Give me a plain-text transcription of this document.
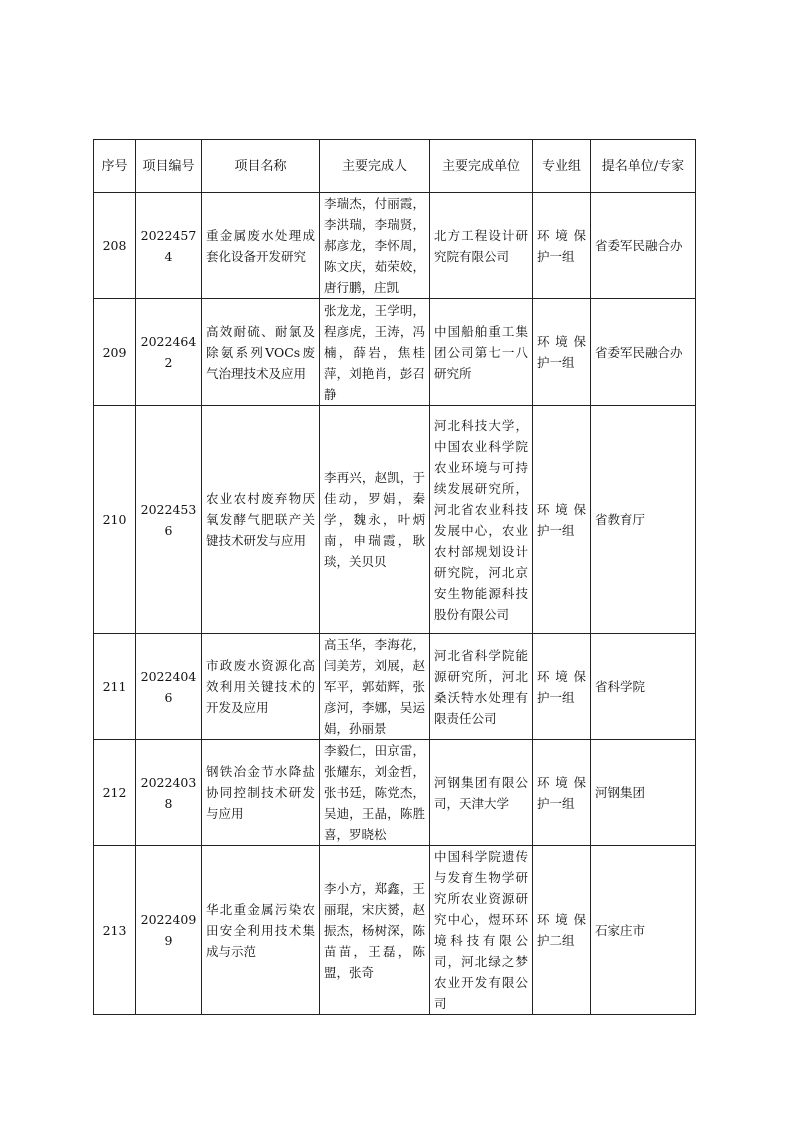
序号	项目编号	项目名称	主要完成人	主要完成单位	专业组	提名单位/专家
208	20224574	重金属废水处理成套化设备开发研究	李瑞杰，付丽霞，李洪瑞，李瑞贤，郝彦龙，李怀周，陈文庆，茹荣姣，唐行鹏，庄凯	北方工程设计研究院有限公司	环境保护一组	省委军民融合办
209	20224642	高效耐硫、耐氯及除氨系列VOCs废气治理技术及应用	张龙龙，王学明，程彦虎，王涛，冯楠，薛岩，焦桂萍，刘艳肖，彭召静	中国船舶重工集团公司第七一八研究所	环境保护一组	省委军民融合办
210	20224536	农业农村废弃物厌氧发酵气肥联产关键技术研发与应用	李再兴，赵凯，于佳动，罗娟，秦学，魏永，叶炳南，申瑞霞，耿琰，关贝贝	河北科技大学，中国农业科学院农业环境与可持续发展研究所，河北省农业科技发展中心，农业农村部规划设计研究院，河北京安生物能源科技股份有限公司	环境保护一组	省教育厅
211	20224046	市政废水资源化高效利用关键技术的开发及应用	高玉华，李海花，闫美芳，刘展，赵军平，郭茹辉，张彦河，李娜，吴运娟，孙丽景	河北省科学院能源研究所，河北桑沃特水处理有限责任公司	环境保护一组	省科学院
212	20224038	钢铁冶金节水降盐协同控制技术研发与应用	李毅仁，田京雷，张耀东，刘金哲，张书廷，陈党杰，吴迪，王晶，陈胜喜，罗晓松	河钢集团有限公司，天津大学	环境保护一组	河钢集团
213	20224099	华北重金属污染农田安全利用技术集成与示范	李小方，郑鑫，王丽琨，宋庆赟，赵振杰，杨树深，陈苗苗，王磊，陈盟，张奇	中国科学院遗传与发育生物学研究所农业资源研究中心，煜环环境科技有限公司，河北绿之梦农业开发有限公司	环境保护二组	石家庄市
